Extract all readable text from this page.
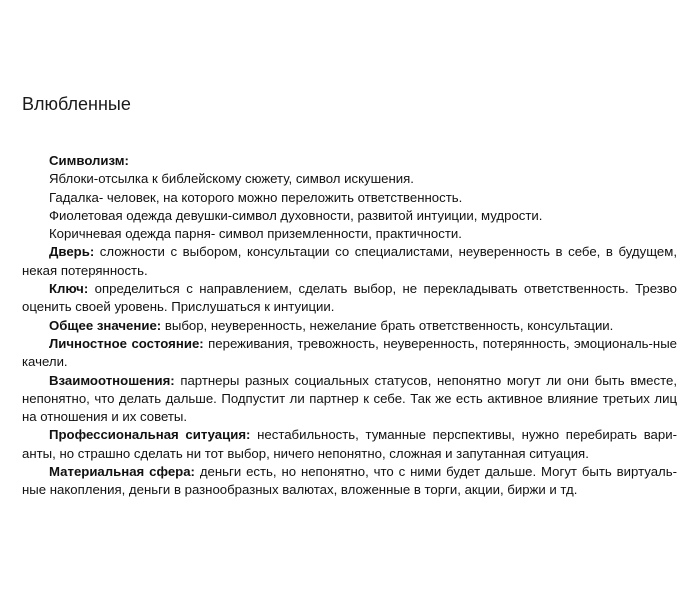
Влюбленные

Символизм:

Яблоки-отсылка к библейскому сюжету, символ искушения.

Гадалка- человек, на которого можно переложить ответственность.

Фиолетовая одежда девушки-символ духовности, развитой интуиции, мудрости.

Коричневая одежда парня- символ приземленности, практичности.

Дверь: сложности с выбором, консультации со специалистами, неуверенность в себе, в будущем, некая потерянность.

Ключ: определиться с направлением, сделать выбор, не перекладывать ответственность. Трезво оценить своей уровень. Прислушаться к интуиции.

Общее значение: выбор, неуверенность, нежелание брать ответственность, консультации.

Личностное состояние: переживания, тревожность, неуверенность, потерянность, эмоциональ-ные качели.

Взаимоотношения: партнеры разных социальных статусов, непонятно могут ли они быть вместе, непонятно, что делать дальше. Подпустит ли партнер к себе. Так же есть активное влияние третьих лиц на отношения и их советы.

Профессиональная ситуация: нестабильность, туманные перспективы, нужно перебирать вари-анты, но страшно сделать ни тот выбор, ничего непонятно, сложная и запутанная ситуация.

Материальная сфера: деньги есть, но непонятно, что с ними будет дальше. Могут быть виртуаль-ные накопления, деньги в разнообразных валютах, вложенные в торги, акции, биржи и тд.
